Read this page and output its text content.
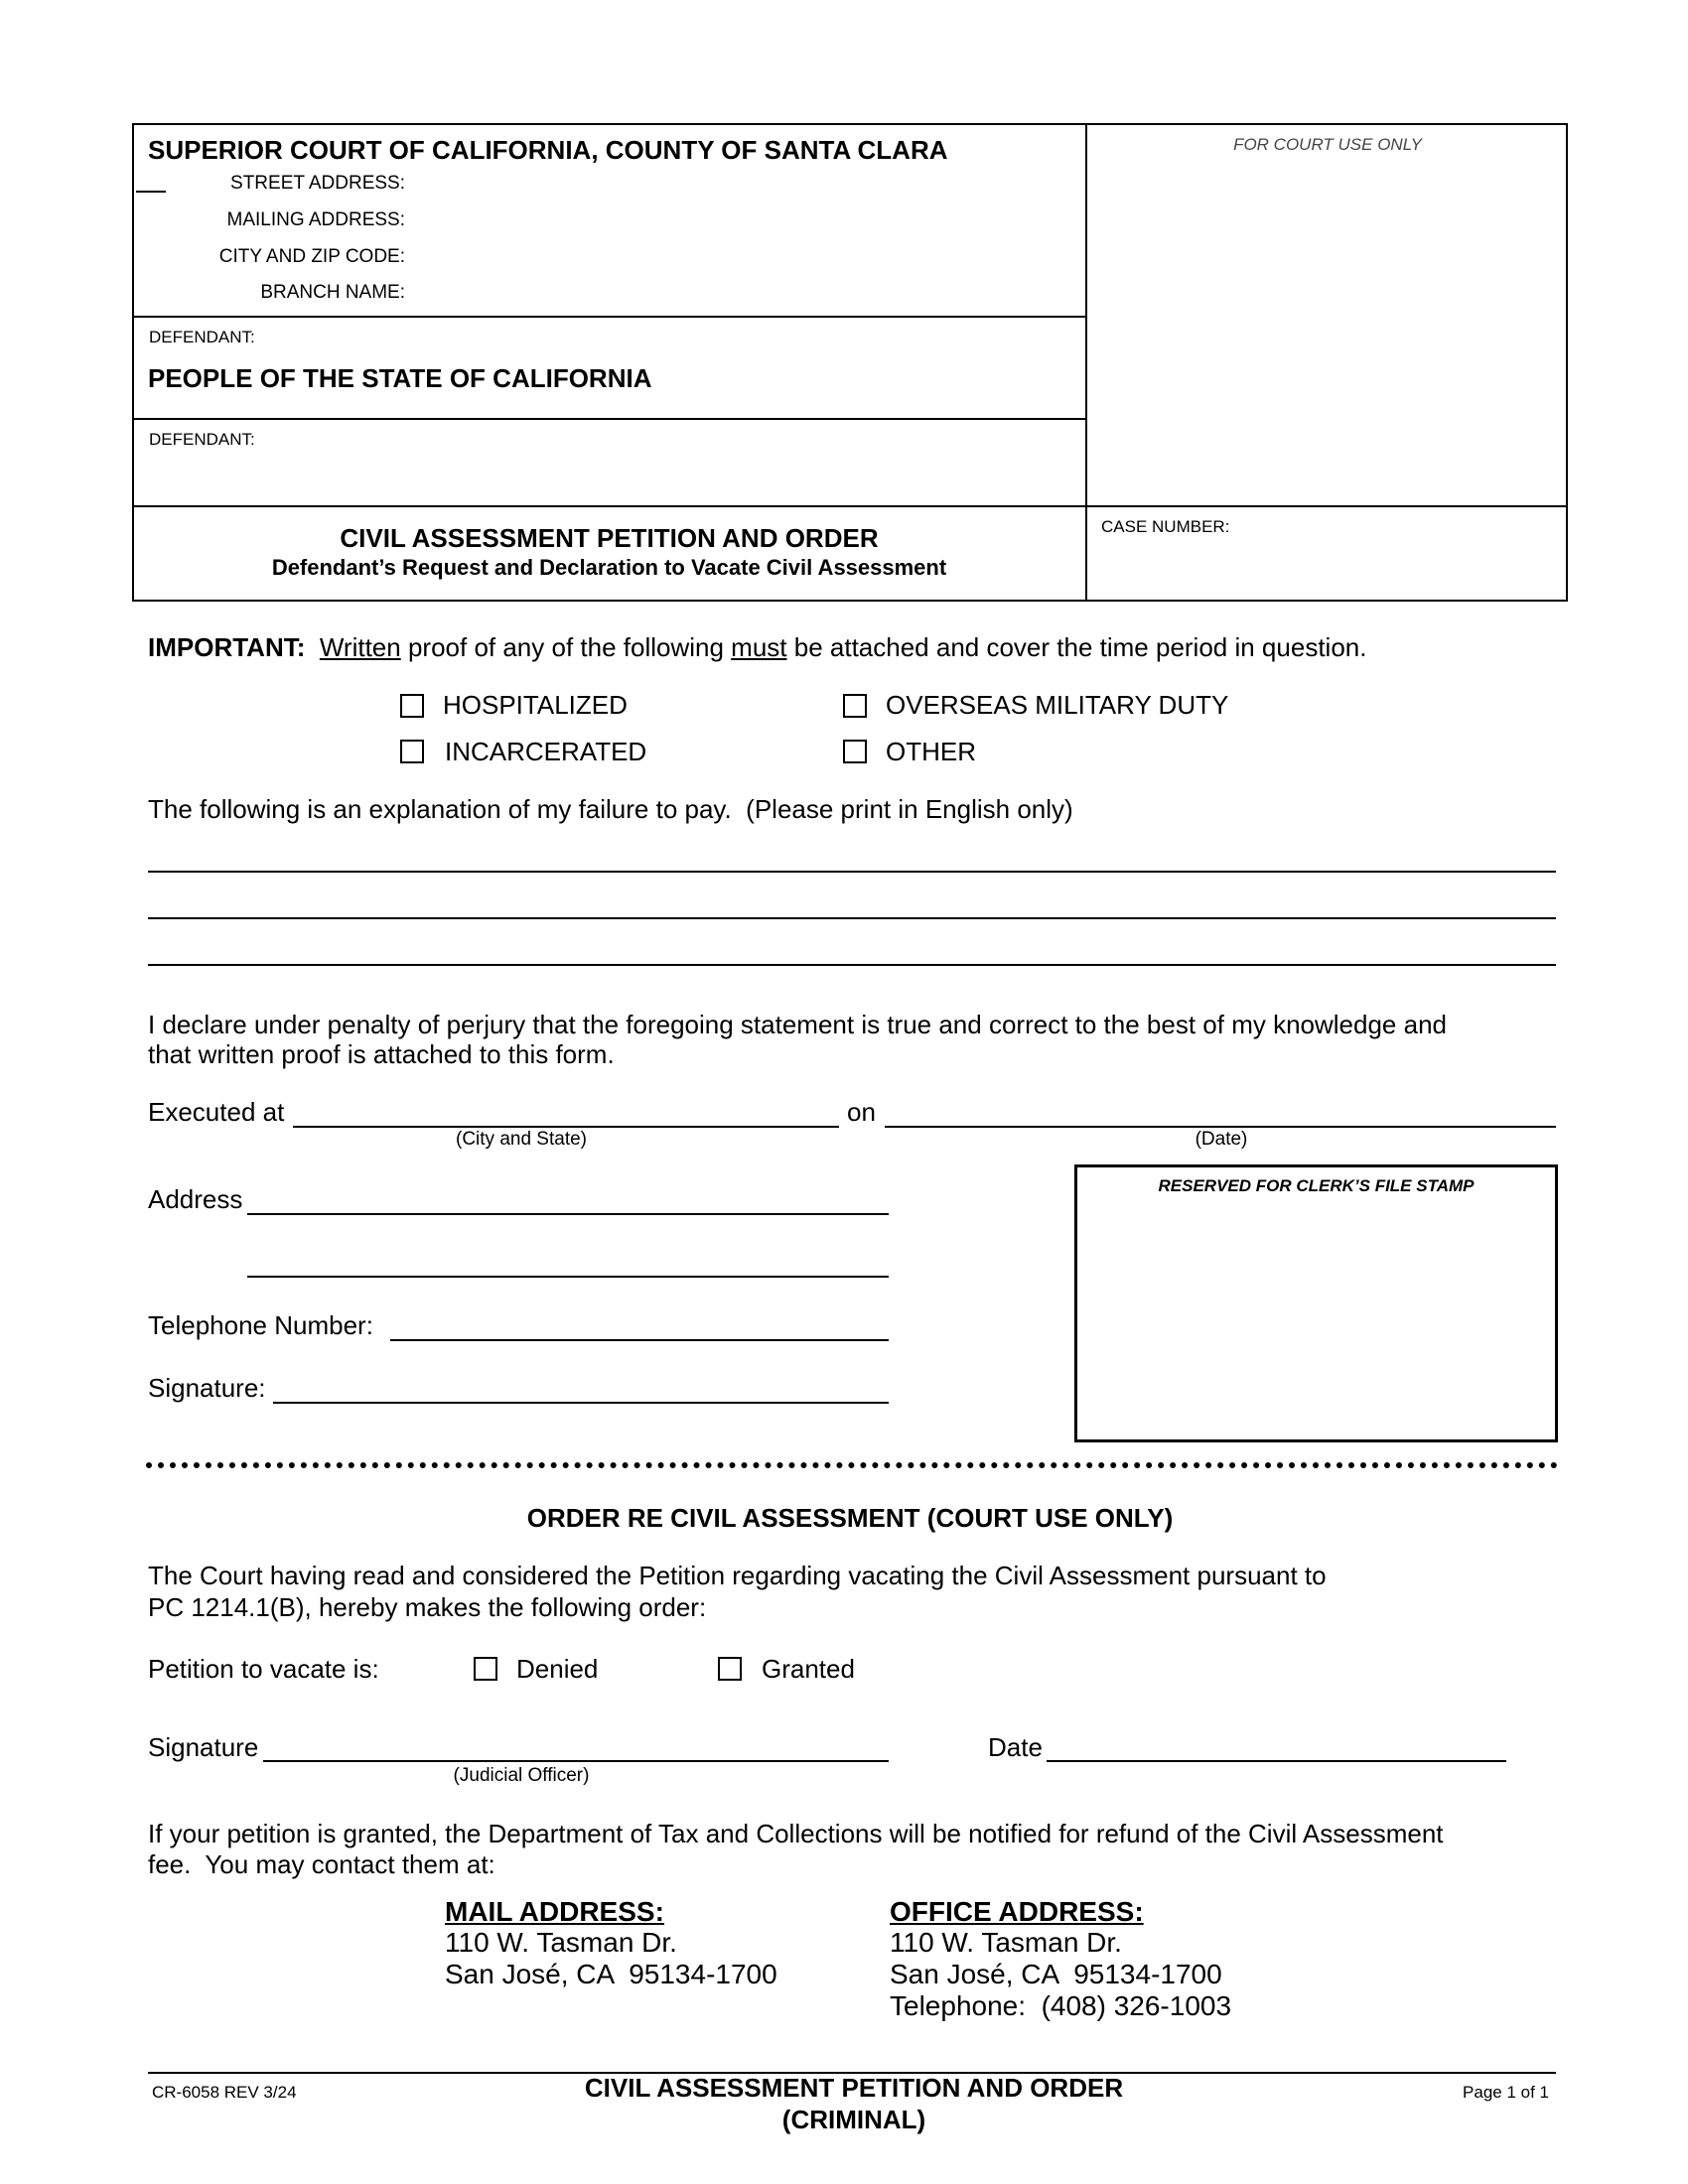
SUPERIOR COURT OF CALIFORNIA, COUNTY OF SANTA CLARA
STREET ADDRESS:
MAILING ADDRESS:
CITY AND ZIP CODE:
BRANCH NAME:
FOR COURT USE ONLY
DEFENDANT:
PEOPLE OF THE STATE OF CALIFORNIA
DEFENDANT:
CIVIL ASSESSMENT PETITION AND ORDER
Defendant’s Request and Declaration to Vacate Civil Assessment
CASE NUMBER:
IMPORTANT: Written proof of any of the following must be attached and cover the time period in question.
HOSPITALIZED
INCARCERATED
OVERSEAS MILITARY DUTY
OTHER
The following is an explanation of my failure to pay.  (Please print in English only)
I declare under penalty of perjury that the foregoing statement is true and correct to the best of my knowledge and
that written proof is attached to this form.
Executed at	on
(City and State)	(Date)
Address
Telephone Number:
Signature:
RESERVED FOR CLERK’S FILE STAMP
ORDER RE CIVIL ASSESSMENT (COURT USE ONLY)
The Court having read and considered the Petition regarding vacating the Civil Assessment pursuant to
PC 1214.1(B), hereby makes the following order:
Petition to vacate is:	Denied	Granted
Signature
(Judicial Officer)
Date
If your petition is granted, the Department of Tax and Collections will be notified for refund of the Civil Assessment
fee.  You may contact them at:
MAIL ADDRESS:
110 W. Tasman Dr.
San José, CA  95134-1700
OFFICE ADDRESS:
110 W. Tasman Dr.
San José, CA  95134-1700
Telephone:  (408) 326-1003
CR-6058 REV 3/24	CIVIL ASSESSMENT PETITION AND ORDER
(CRIMINAL)
Page 1 of 1
